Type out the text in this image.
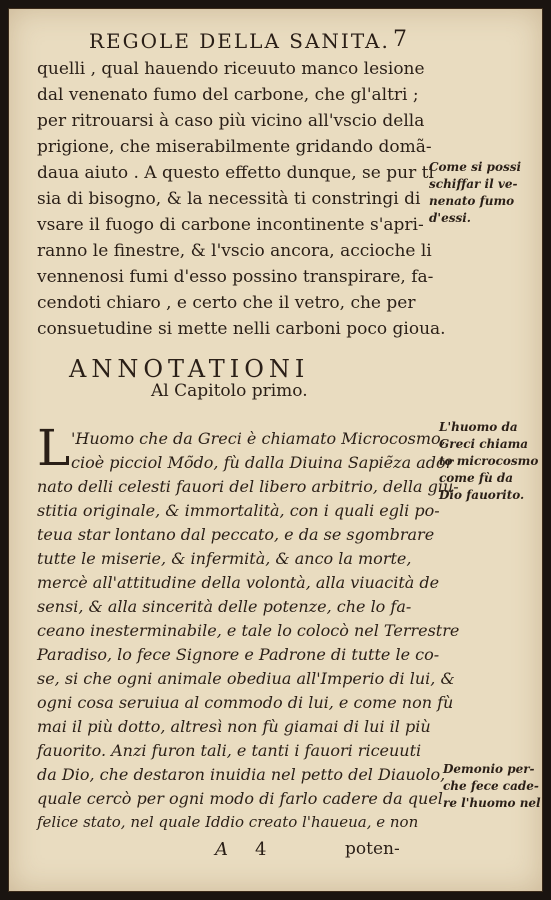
REGOLE DELLA SANITA. 7
quelli , qual hauendo riceuuto manco lesione
dal venenato fumo del carbone, che gl'altri ;
per ritrouarsi à caso più vicino all'vscio della
prigione, che miserabilmente gridando domã-
daua aiuto . A questo effetto dunque, se pur ti
sia di bisogno, & la necessità ti constringi di
vsare il fuogo di carbone incontinente s'apri-
ranno le finestre, & l'vscio ancora, accioche li
vennenosi fumi d'esso possino transpirare, fa-
cendoti chiaro , e certo che il vetro, che per
consuetudine si mette nelli carboni poco gioua.
Come si possi
schiffar il ve-
nenato fumo
d'essi.
ANNOTATIONI
Al Capitolo primo.
L 'Huomo che da Greci è chiamato Microcosmo,
cioè picciol Mõdo, fù dalla Diuina Sapiẽza ador
nato delli celesti fauori del libero arbitrio, della giu-
stitia originale, & immortalità, con i quali egli po-
teua star lontano dal peccato, e da se sgombrare
tutte le miserie, & infermità, & anco la morte,
mercè all'attitudine della volontà, alla viuacità de
sensi, & alla sincerità delle potenze, che lo fa-
ceano inesterminabile, e tale lo colocò nel Terrestre
Paradiso, lo fece Signore e Padrone di tutte le co-
se, si che ogni animale obediua all'Imperio di lui, &
ogni cosa seruiua al commodo di lui, e come non fù
mai il più dotto, altresì non fù giamai di lui il più
fauorito. Anzi furon tali, e tanti i fauori riceuuti
da Dio, che destaron inuidia nel petto del Diauolo,
quale cercò per ogni modo di farlo cadere da quel
felice stato, nel quale Iddio creato l'haueua, e non
L'huomo da
Greci chiama
to microcosmo
come fù da
Dio fauorito.
Demonio per-
che fece cade-
re l'huomo nel
A 4	poten-
